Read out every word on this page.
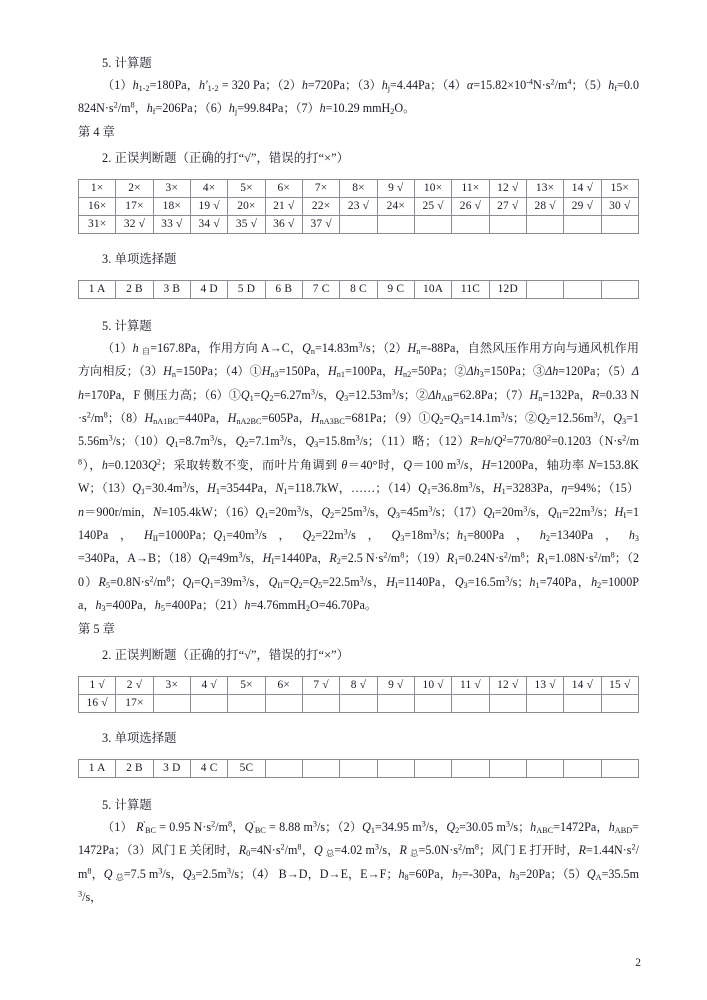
5. 计算题

$(1)h_{1-2}=180Pa$，$h'_{1-2} = 320$ Pa；（2）h=720Pa；$(3)h_j=4.44Pa$；$(4)\alpha=15.82\times 10^{-4}N\cdot s^2/m^4$；$(5)h_f=0.0824N\cdot s^2/m^8$，$h_f=206Pa$；$(6)h_j=99.84Pa$；（7）h=10.29 mmH$_2$O。

第 4 章

2. 正误判断题（正确的打“√”，错误的打“×”）

1×	2×	3×	4×	5×	6×	7×	8×	9 √	10×	11×	12 √	13×	14 √	15×
16×	17×	18×	19 √	20×	21 √	22×	23 √	24×	25 √	26 √	27 √	28 √	29 √	30 √
31×	32 √	33 √	34 √	35 √	36 √	37 √								

3. 单项选择题

1 A	2 B	3 B	4 D	5 D	6 B	7 C	8 C	9 C	10A	11C	12D			

5. 计算题

（1）h $_自$=167.8Pa，作用方向 A→C，$Q_n=14.83m^3/s$；$(2)H_n=-88Pa$，自然风压作用方向与通风机作用方向相反；$(3)H_n=150Pa$；$(4)①H_{n3}=150Pa$，$H_{n1}=100Pa$，$H_{n2}=50Pa$；$②\Delta h_3=150Pa$；③Δh=120Pa；（5）Δh=170Pa，F 侧压力高；$(6)①Q_1=Q_2=6.27m^3/s$，$Q_3=12.53m^3/s$；$②\Delta h_{AB}=62.8Pa$；$(7)H_n=132Pa$，R=0.33 $N\cdot s^2/m^8$；$(8)H_{nA1BC}=440Pa$，$H_{nA2BC}=605Pa$，$H_{nA3BC}=681Pa$；$(9)①Q_2=Q_3=14.1m^3/s$；$②Q_2=12.56m^3/$，$Q_3=15.56m^3/s$；$(10)Q_1=8.7m^3/s$，$Q_2=7.1m^3/s$，$Q_3=15.8m^3/s$；（11）略；$(12)R=h/Q^2=770/80^2=0.1203(N\cdot s^2/m^8)$，$h=0.1203Q^2$；采取转数不变，而叶片角调到 θ＝40°时，Q＝100 $m^3/s$，H=1200Pa，轴功率 N=153.8KW；$(13)Q_1=30.4m^3/s$，$H_1=3544Pa$，$N_1=118.7kW$，……；$(14)Q_1=36.8m^3/s$，$H_1=3283Pa$，η=94%；（15）n＝900r/min，N=105.4kW；$(16)Q_1=20m^3/s$，$Q_2=25m^3/s$，$Q_3=45m^3/s$；$(17)Q_I=20m^3/s$，$Q_{II}=22m^3/s$；$H_I=1140Pa$，$H_{II}=1000Pa$；$Q_1=40m^3/s$，$Q_2=22m^3/s$，$Q_3=18m^3/s$；$h_1=800Pa$，$h_2=1340Pa$，$h_3=340Pa$，A→B；$(18)Q_I=49m^3/s$，$H_I=1440Pa$，$R_2=2.5$ $N\cdot s^2/m^8$；$(19)R_1=0.24N\cdot s^2/m^8$；$R_1=1.08N\cdot s^2/m^8$；$(20)R_5=0.8N\cdot s^2/m^8$；$Q_I=Q_1=39m^3/s$，$Q_{II}=Q_2=Q_5=22.5m^3/s$，$H_I=1140Pa$，$Q_3=16.5m^3/s$；$h_1=740Pa$，$h_2=1000Pa$，$h_3=400Pa$，$h_5=400Pa$；（21）h=4.76mmH$_2$O=46.70Pa。

第 5 章

2. 正误判断题（正确的打“√”，错误的打“×”）

1 √	2 √	3×	4 √	5×	6×	7 √	8 √	9 √	10 √	11 √	12 √	13 √	14 √	15 √
16 √	17×													

3. 单项选择题

1 A	2 B	3 D	4 C	5C										

5. 计算题

（1） $R'_{BC} = 0.95$ $N\cdot s^2/m^8$，$Q'_{BC} = 8.88$ $m^3/s$；$(2)Q_1=34.95$ $m^3/s$，$Q_2=30.05$ $m^3/s$；$h_{ABC}=1472Pa$，$h_{ABD}=1472Pa$；（3）风门 E 关闭时，$R_0=4N\cdot s^2/m^8$，Q $_总$=4.02 $m^3/s$，R $_总=5.0N\cdot s^2/m^8$；风门 E 打开时，$R=1.44N\cdot s^2/m^8$，Q $_总$=7.5 $m^3/s$，$Q_3=2.5m^3/s$；（4） B→D，D→E，E→F；$h_8=60Pa$，$h_7=-30Pa$，$h_3=20Pa$；$(5)Q_A=35.5m^3/s$，

2
